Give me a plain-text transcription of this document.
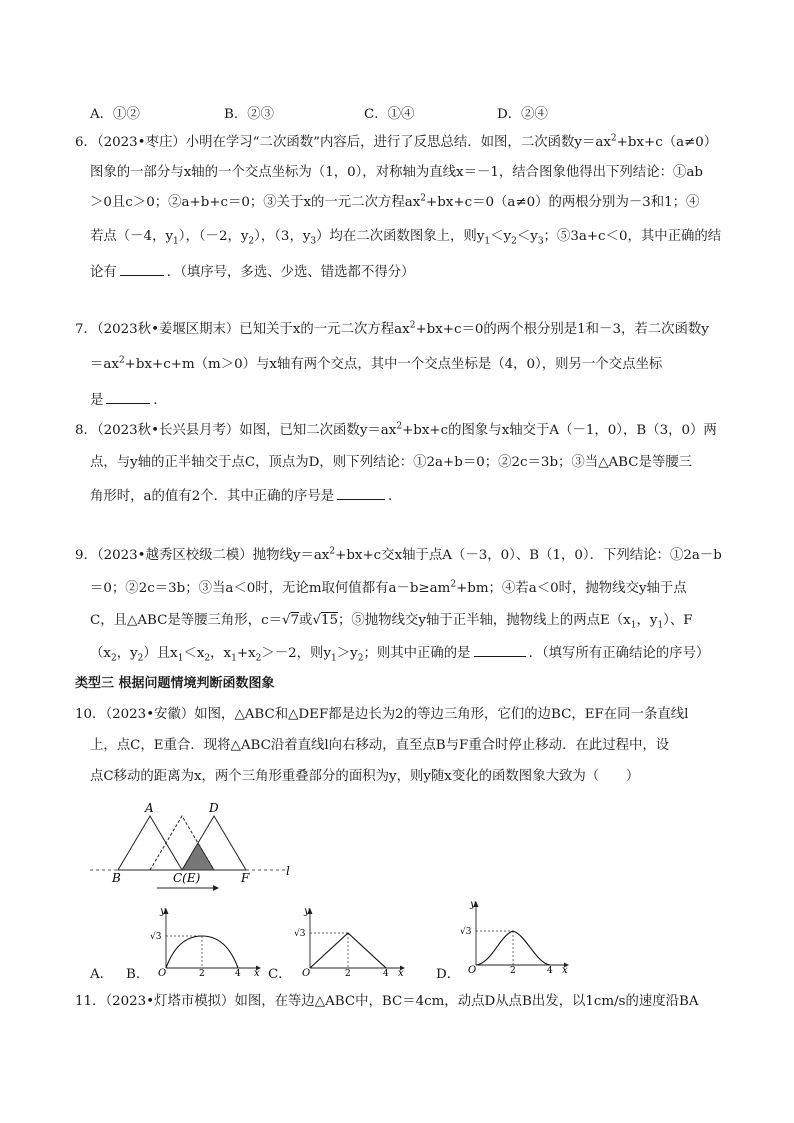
A．①②	B．②③	C．①④	D．②④
6．（2023•枣庄）小明在学习“二次函数”内容后，进行了反思总结．如图，二次函数$y=ax^2+bx+c(a\ne 0)$
图象的一部分与x轴的一个交点坐标为（1，0），对称轴为直线x＝－1，结合图象他得出下列结论：①ab
＞0且c＞0；②a+b+c＝0；③关于x的一元二次方程$ax^2+bx+c=0(a\ne 0)$的两根分别为－3和1；④
若点（－4，$y_1$），（－2，$y_2$），（3，$y_3$）均在二次函数图象上，则$y_1<y_2<y_3$；⑤3a+c＜0，其中正确的结
论有	．（填序号，多选、少选、错选都不得分）
7．（2023秋•姜堰区期末）已知关于x的一元二次方程$ax^2+bx+c=0$的两个根分别是1和－3，若二次函数y
$=ax^2+bx+c+m(m>0)$与x轴有两个交点，其中一个交点坐标是（4，0），则另一个交点坐标
是	．
8．（2023秋•长兴县月考）如图，已知二次函数$y=ax^2+bx+c$的图象与x轴交于A（－1，0），B（3，0）两
点，与y轴的正半轴交于点C，顶点为D，则下列结论：①2a+b＝0；②2c＝3b；③当△ABC是等腰三
角形时，a的值有2个．其中正确的序号是	．
9．（2023•越秀区校级二模）抛物线$y=ax^2+bx+c$交x轴于点A（－3，0）、B（1，0）．下列结论：①2a－b
＝0；②2c＝3b；③当a＜0时，无论m取何值都有$a-b\ge am^2+bm$；④若a＜0时，抛物线交y轴于点
C，且△ABC是等腰三角形，c＝√7或√15；⑤抛物线交y轴于正半轴，抛物线上的两点$E(x_1$，$y_1$）、F
（$x_2$，$y_2$）且$x_1<x_2$，$x_1+x_2>-2$，则$y_1>y_2$；则其中正确的是	．（填写所有正确结论的序号）
类型三 根据问题情境判断函数图象
10．（2023•安徽）如图，△ABC和△DEF都是边长为2的等边三角形，它们的边BC，EF在同一条直线l
上，点C，E重合．现将△ABC沿着直线l向右移动，直至点B与F重合时停止移动．在此过程中，设
点C移动的距离为x，两个三角形重叠部分的面积为y，则y随x变化的函数图象大致为（　　）
A	D
B	C(E)	F	l
A． B．	C．	D．
y
x
O
√3
2	4
y
x
O
√3
2	4
y
x
O
√3
2	4
11．（2023•灯塔市模拟）如图，在等边△ABC中，BC＝4cm，动点D从点B出发，以1cm/s的速度沿BA
